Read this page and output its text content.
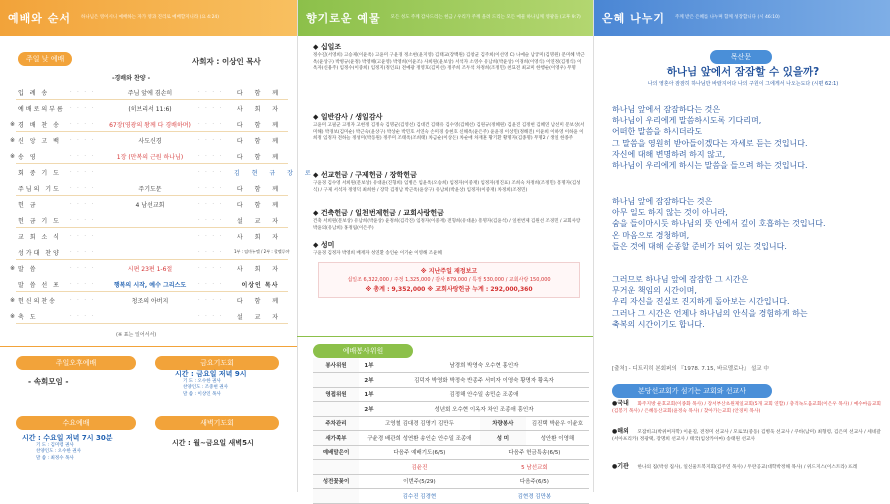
예배와 순서 하나님은 영이시니 예배하는 자가 영과 진리로 예배할지니라 (요 4:24)
주일 낮 예배	사회자 : 이상인 목사
-경배와 찬양 -
입 례 송	· · · ·	주님 앞에 겸손히	· · · ·	다 함 께
예배로의부름	· · · ·	(히브리서 11:6)	· · · ·	사 회 자
※ 경 배 찬 송	· · · ·	67장(영광의 왕께 다 경배하며)	· · · ·	다 함 께
※ 신 앙 고 백	· · · ·	사도신경	· · · ·	다 함 께
※ 송 영	· · · ·	1장 (만복의 근원 하나님)	· · · ·	다 함 께
회 중 기 도	· · · ·	· · · ·	김 현 규 장 로
주님의 기도	· · · ·	주기도문	· · · ·	다 함 께
헌 금	· · · ·	4 남선교회	· · · ·	다 함 께
헌 금 기 도	· · · ·	· · · ·	설 교 자
교 회 소 식	· · · ·	· · · ·	사 회 자
성가대 찬양	· · · ·	· · · ·	1부 : 임마누엘 / 2부 : 할렐루야
※ 말 씀	· · · ·	시편 23편 1-6절	· · · ·	사 회 자
말 씀 선 포	· · · ·	행복의 시작, 예수 그리스도	· · · ·	이상인 목사
※ 헌신의찬송	· · · ·	청조의 아버지	· · · ·	다 함 께
※ 축 도	· · · ·	· · · ·	설 교 자
(※ 표는 일어서서)
주일오후예배
- 속회모임 -
금요기도회
시간 : 금요일 저녁 9시
기 도 : 오수한 권사
찬양인도 : 조중현 권사
말 씀 : 이상인 목사
수요예배
시간 : 수요일 저녁 7시 30분
기 도 : 김미령 권사
찬양인도 : 오수한 권사
말 씀 : 최정수 목사
새벽기도회
시간 : 월~금요일 새벽5시
향기로운 예물 모든 성도 주께 감사드리는 헌금 / 우리가 주께 올려 드리는 모든 예물 하나님께 영광을 (고후 9:7)
◆ 십일조
정수길(서영희) 고승제(이윤옥) 고윤미 구윤경 정소현(윤지영) 김태교(장백원) 김창균 김주희(이선영 C) 나예슬 남궁미(김명원) 문미혜 박근옥(윤상구) 박병규(윤정) 박영해(고윤영) 박영희(이윤조) 사희원(윤보상) 서석자 소영수 유남희(박윤상) 이경희(이영식) 이연정(김정식) 이옥자(신용주) 임정수(이중희) 임정지(정인표) 전예광 정영호(김미선) 정주희 조두석 차정희(조정민) 천묘전 최교미 한행순(이영우) 무명
◆ 일반감사 / 생일감사
고윤미 고필군 고정자 고현정 김정숙 김명균(김영선) 김대건 김태유 김수영(김혜선) 김원규(정혜원) 김윤진 김정현 김혜연 남선미 문보상(서미해) 박경보(김미순) 박근숙(윤상구) 박상순 박민호 서연숙 손미경 송현호 신해옥(윤은주) 윤윤경 이상민(정해진) 이윤희 이하영 이하윤 이희정 임정자 전하늘 정성미(박동원) 정주미 조태옥(조희태) 차금순(이상돈) 차순애 차재훈 황기환 황명자(김종명) 무명2 / 생일 한종주
◆ 선교헌금 / 구제헌금 / 장학헌금
구윤경 김수영 서희원(문보상) 유대윤(진형희) 임병은 임윤옥(오승희) 임정자(이중재) 임정자(정진표) 조희숙 차정희(조정민) 흥명자(김성식) / 구제 서석자 정영덕 최희한 / 장학 김정남 박근옥(윤상구) 유남희(박윤상) 임정자(이중재) 차정희(조정민)
◆ 건축헌금 / 일천번제헌금 / 교회사랑헌금
건축 서희원(문보상) 유남희(박윤상) 윤정희(김각진) 임정자(이중재) 전형희(유대윤) 흥명자(김윤석) / 일천번제 김원선 조경민 / 교회사랑 박윤의(유남희) 홍정림(이은주)
◆ 성미
구윤경 김정자 박영희 배재자 성연환 송인순 이기순 이영해 조윤혜
※ 지난주일 재정보고
십일조 6,322,000 / 주정 1,325,000 / 감사 879,000 / 특정 530,000 / 교회사랑 150,000
※ 총계 : 9,352,000 ※ 교회사랑헌금 누계 : 292,000,360
예배봉사위원
봉사위원	1부	남경희 박영숙 오수현 홍인자		
	2부	김덕자 박영화 박정숙 반종주 서미자 이영숙 황명자 황옥자		
영접위원	1부	김정해 안수일 송민순 조종애		
	2부	성년회 오수현 이옥자 차인 조종애 흥인자		
주차관리	고영철 김대경 김명기 김만두		차량봉사	김진택 박윤우 이윤호
새가족부	구윤경 배관희 성연환 송인순 안수일 조종애		성 미	성안환 이영해
예배말은이	다음주 예배기도(6/5)		다음주 헌금특송(6/5)	
	김윤진		5 남선교회	
성전꽃꽂이	이번주(5/29)		다음주(6/5)	
	김수진 김경현		김현경 김만봉	
은혜 나누기 주께 받은 은혜를 나누며 함께 성장합니다 (시 46:10)
목산문
하나님 앞에서 잠잠할 수 있을까?
나의 영혼아 잠잠히 하나님만 바랄지어다 나의 구원이 그에게서 나오는도다 (시편 62:1)
하나님 앞에서 잠잠하다는 것은
하나님이 우리에게 말씀하시도록 기다리며,
어떠한 말씀을 하시더라도
그 말씀을 영원히 받아들이겠다는 자세로 듣는 것입니다.
자신에 대해 변명하려 하지 않고,
하나님이 우리에게 하시는 말씀을 들으려 하는 것입니다.
하나님 앞에 잠잠하다는 것은
아무 일도 하지 않는 것이 아니라,
숨을 들이마시듯 하나님의 뜻 안에서 깊이 호흡하는 것입니다.
온 마음으로 경청하며,
들은 것에 대해 순종할 준비가 되어 있는 것입니다.
그러므로 하나님 앞에 잠잠한 그 시간은
무거운 책임의 시간이며,
우리 자신을 진실로 진지하게 돌아보는 시간입니다.
그러나 그 시간은 언제나 하나님의 안식을 경험하게 하는
축복의 시간이기도 합니다.
[출처] - 디트리히 본회퍼의 『1978. 7.15, 바르멜로나』 설교 中
본당선교회가 섬기는 교회와 선교사
●국내 화주지방 운호교회(이종화 목사) / 장서부산초원제일교회(5개 교회 연합) / 충격녹도움교회(이은우 목사) / 예수마음교회(김봉기 목사) / 은혜동산교회(윤정숙 목사) / 찾아가는교회 (안경미 목사)
●해외 모잠비크(박위여자학) 이윤길, 전정미 선교사 / 모로코(중동) 김병욱 선교사 / 쿠바(남미) 최형령, 김은미 선교사 / 세네갈(서아프리카) 정광택, 장명희 선교사 / 태국(임상카아마) 송태원 선교사
●기관 한나의 집(박성 집사), 일신울트복지회(김주연 목사) / 두란공교(대학박정해 목사) / 위드지스(이스트라) 뜨레
